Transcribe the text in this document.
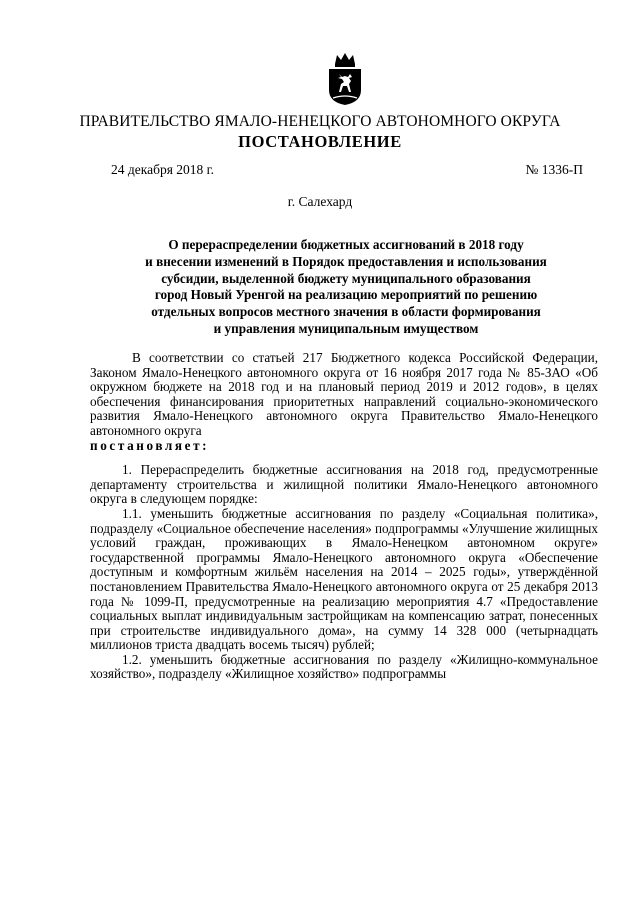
ПРАВИТЕЛЬСТВО ЯМАЛО-НЕНЕЦКОГО АВТОНОМНОГО ОКРУГА
ПОСТАНОВЛЕНИЕ
24 декабря 2018 г.	№ 1336-П
г. Салехард
О перераспределении бюджетных ассигнований в 2018 году
и внесении изменений в Порядок предоставления и использования
субсидии, выделенной бюджету муниципального образования
город Новый Уренгой на реализацию мероприятий по решению
отдельных вопросов местного значения в области формирования
и управления муниципальным имуществом

В соответствии со статьей 217 Бюджетного кодекса Российской Федерации, Законом Ямало-Ненецкого автономного округа от 16 ноября 2017 года № 85-ЗАО «Об окружном бюджете на 2018 год и на плановый период 2019 и 2012 годов», в целях обеспечения финансирования приоритетных направлений социально-экономического развития Ямало-Ненецкого автономного округа Правительство Ямало-Ненецкого автономного округа
постановляет:

1. Перераспределить бюджетные ассигнования на 2018 год, предусмотренные департаменту строительства и жилищной политики Ямало-Ненецкого автономного округа в следующем порядке:

1.1. уменьшить бюджетные ассигнования по разделу «Социальная политика», подразделу «Социальное обеспечение населения» подпрограммы «Улучшение жилищных условий граждан, проживающих в Ямало-Ненецком автономном округе» государственной программы Ямало-Ненецкого автономного округа «Обеспечение доступным и комфортным жильём населения на 2014 – 2025 годы», утверждённой постановлением Правительства Ямало-Ненецкого автономного округа от 25 декабря 2013 года № 1099-П, предусмотренные на реализацию мероприятия 4.7 «Предоставление социальных выплат индивидуальным застройщикам на компенсацию затрат, понесенных при строительстве индивидуального дома», на сумму 14 328 000 (четырнадцать миллионов триста двадцать восемь тысяч) рублей;

1.2. уменьшить бюджетные ассигнования по разделу «Жилищно-коммунальное хозяйство», подразделу «Жилищное хозяйство» подпрограммы
